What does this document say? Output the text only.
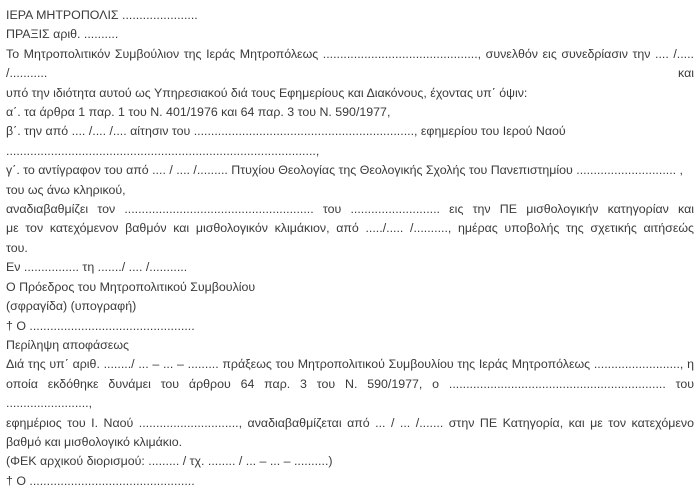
ΙΕΡΑ ΜΗΤΡΟΠΟΛΙΣ ......................

ΠΡΑΞΙΣ αριθ. ..........

Το Μητροπολιτικόν Συμβούλιον της Ιεράς Μητροπόλεως ............................................., συνελθόν εις συνεδρίασιν την .... /..... /........... και

υπό την ιδιότητα αυτού ως Υπηρεσιακού διά τους Εφημερίους και Διακόνους, έχοντας υπ΄ όψιν:

α΄. τα άρθρα 1 παρ. 1 του Ν. 401/1976 και 64 παρ. 3 του Ν. 590/1977,

β΄. την από .... /.... /.... αίτησιν του ................................................................, εφημερίου του Ιερού Ναού

..........................................................................................,

γ΄. το αντίγραφον του από .... / .... /......... Πτυχίου Θεολογίας της Θεολογικής Σχολής του Πανεπιστημίου ............................. ,

του ως άνω κληρικού,

αναδιαβαθμίζει τον ....................................................... του .......................... εις την ΠΕ μισθολογικήν κατηγορίαν και

με τον κατεχόμενον βαθμόν και μισθολογικόν κλιμάκιον, από ...../..... /.........., ημέρας υποβολής της σχετικής αιτήσεώς

του.

Εν ................ τη ......./ .... /...........

Ο Πρόεδρος του Μητροπολιτικού Συμβουλίου

(σφραγίδα) (υπογραφή)

† Ο ................................................

Περίληψη αποφάσεως

Διά της υπ΄ αριθ. ......../ ... – ... – ......... πράξεως του Μητροπολιτικού Συμβουλίου της Ιεράς Μητροπόλεως ........................., η

οποία εκδόθηκε δυνάμει του άρθρου 64 παρ. 3 του Ν. 590/1977, ο ............................................................... του ........................,

εφημέριος του Ι. Ναού ............................., αναδιαβαθμίζεται από ... / ... /....... στην ΠΕ Κατηγορία, και με τον κατεχόμενο

βαθμό και μισθολογικό κλιμάκιο.

(ΦΕΚ αρχικού διορισμού: ......... / τχ. ........ / ... – ... – ..........)

† Ο ................................................
